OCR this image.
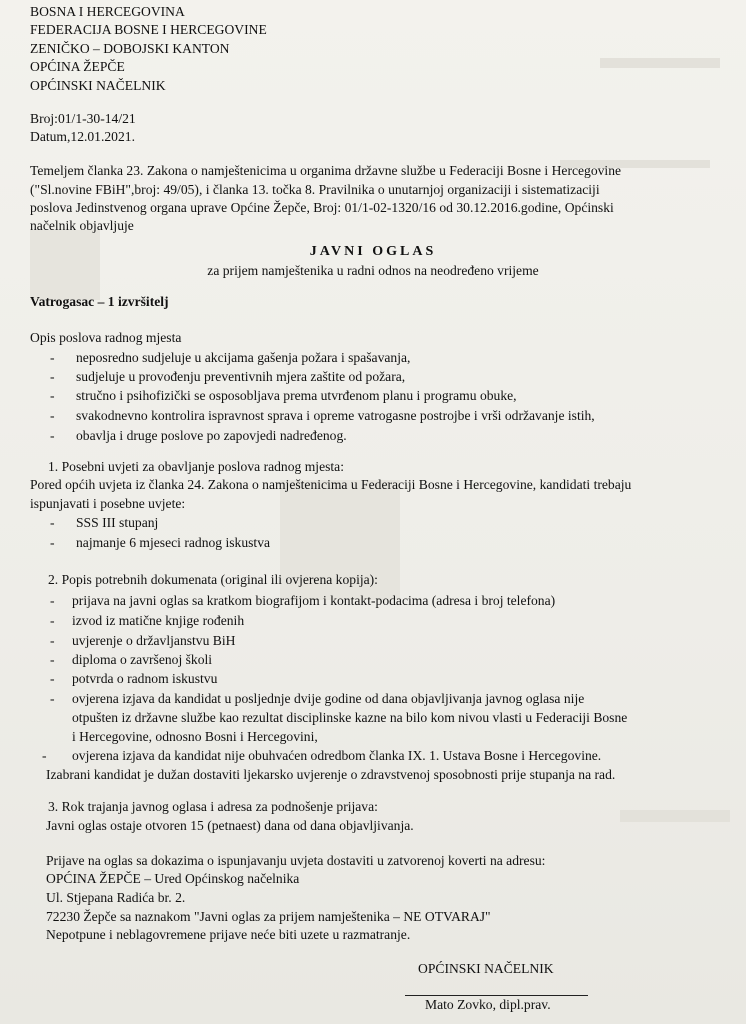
BOSNA I HERCEGOVINA
FEDERACIJA BOSNE I HERCEGOVINE
ZENIČKO – DOBOJSKI KANTON
OPĆINA ŽEPČE
OPĆINSKI NAČELNIK
Broj:01/1-30-14/21
Datum,12.01.2021.
Temeljem članka 23. Zakona o namještenicima u organima državne službe u Federaciji Bosne i Hercegovine
("Sl.novine FBiH",broj: 49/05), i članka 13. točka 8. Pravilnika o unutarnjoj organizaciji i sistematizaciji
poslova Jedinstvenog organa uprave Općine Žepče, Broj: 01/1-02-1320/16 od 30.12.2016.godine, Općinski
načelnik objavljuje
JAVNI OGLAS
za prijem namještenika u radni odnos na neodređeno vrijeme
Vatrogasac – 1 izvršitelj
Opis poslova radnog mjesta
- neposredno sudjeluje u akcijama gašenja požara i spašavanja,
- sudjeluje u provođenju preventivnih mjera zaštite od požara,
- stručno i psihofizički se osposobljava prema utvrđenom planu i programu obuke,
- svakodnevno kontrolira ispravnost sprava i opreme vatrogasne postrojbe i vrši održavanje istih,
- obavlja i druge poslove po zapovjedi nadređenog.
1. Posebni uvjeti za obavljanje poslova radnog mjesta:
Pored općih uvjeta iz članka 24. Zakona o namještenicima u Federaciji Bosne i Hercegovine, kandidati trebaju
ispunjavati i posebne uvjete:
- SSS III stupanj
- najmanje 6 mjeseci radnog iskustva
2. Popis potrebnih dokumenata (original ili ovjerena kopija):
- prijava na javni oglas sa kratkom biografijom i kontakt-podacima (adresa i broj telefona)
- izvod iz matične knjige rođenih
- uvjerenje o državljanstvu BiH
- diploma o završenoj školi
- potvrda o radnom iskustvu
- ovjerena izjava da kandidat u posljednje dvije godine od dana objavljivanja javnog oglasa nije
otpušten iz državne službe kao rezultat disciplinske kazne na bilo kom nivou vlasti u Federaciji Bosne
i Hercegovine, odnosno Bosni i Hercegovini,
- ovjerena izjava da kandidat nije obuhvaćen odredbom članka IX. 1. Ustava Bosne i Hercegovine.
Izabrani kandidat je dužan dostaviti ljekarsko uvjerenje o zdravstvenoj sposobnosti prije stupanja na rad.
3. Rok trajanja javnog oglasa i adresa za podnošenje prijava:
Javni oglas ostaje otvoren 15 (petnaest) dana od dana objavljivanja.
Prijave na oglas sa dokazima o ispunjavanju uvjeta dostaviti u zatvorenoj koverti na adresu:
OPĆINA ŽEPČE – Ured Općinskog načelnika
Ul. Stjepana Radića br. 2.
72230 Žepče sa naznakom "Javni oglas za prijem namještenika – NE OTVARAJ"
Nepotpune i neblagovremene prijave neće biti uzete u razmatranje.
OPĆINSKI NAČELNIK
Mato Zovko, dipl.prav.
